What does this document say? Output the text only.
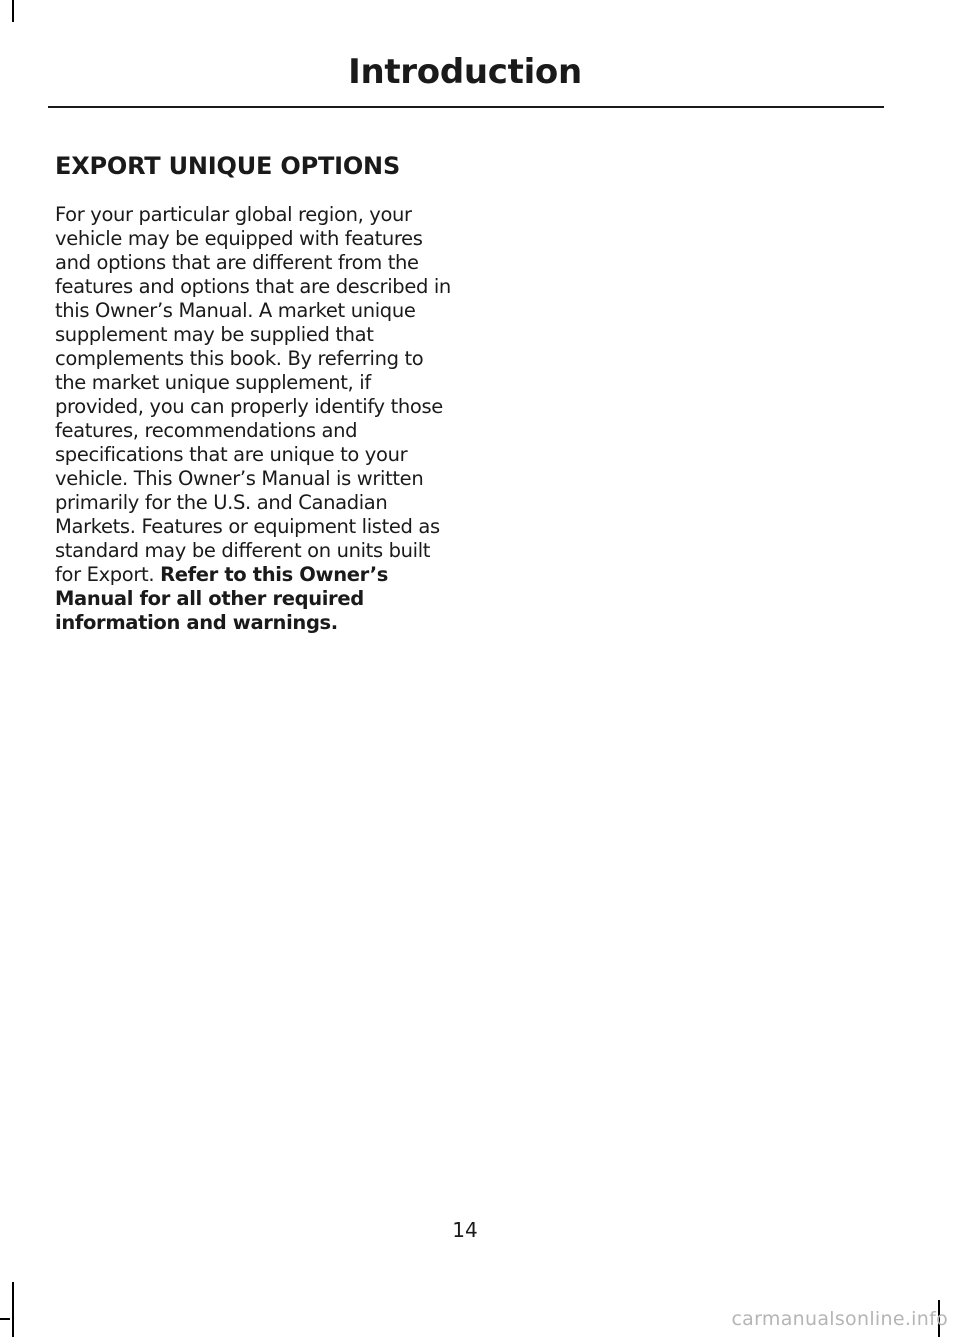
Introduction
EXPORT UNIQUE OPTIONS

For your particular global region, your vehicle may be equipped with features and options that are different from the features and options that are described in this Owner’s Manual. A market unique supplement may be supplied that complements this book. By referring to the market unique supplement, if provided, you can properly identify those features, recommendations and specifications that are unique to your vehicle. This Owner’s Manual is written primarily for the U.S. and Canadian Markets. Features or equipment listed as standard may be different on units built for Export. Refer to this Owner’s Manual for all other required information and warnings.

14
carmanualsonline.info
